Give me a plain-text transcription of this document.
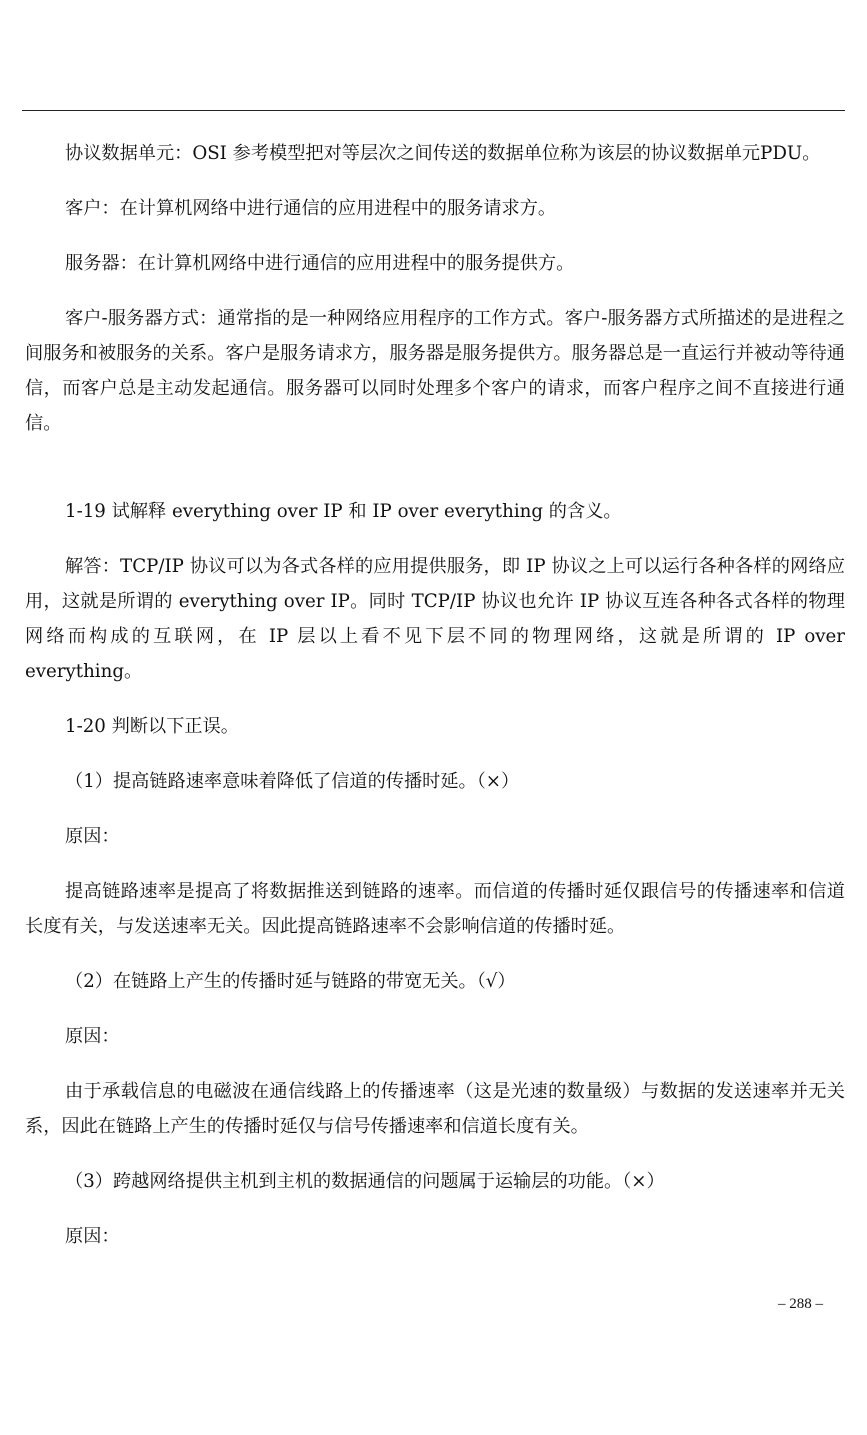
协议数据单元：OSI 参考模型把对等层次之间传送的数据单位称为该层的协议数据单元PDU。

客户：在计算机网络中进行通信的应用进程中的服务请求方。

服务器：在计算机网络中进行通信的应用进程中的服务提供方。

客户-服务器方式：通常指的是一种网络应用程序的工作方式。客户-服务器方式所描述的是进程之间服务和被服务的关系。客户是服务请求方，服务器是服务提供方。服务器总是一直运行并被动等待通信，而客户总是主动发起通信。服务器可以同时处理多个客户的请求，而客户程序之间不直接进行通信。

1-19 试解释 everything over IP 和 IP over everything 的含义。

解答：TCP/IP 协议可以为各式各样的应用提供服务，即 IP 协议之上可以运行各种各样的网络应用，这就是所谓的 everything over IP。同时 TCP/IP 协议也允许 IP 协议互连各种各式各样的物理网络而构成的互联网，在 IP 层以上看不见下层不同的物理网络，这就是所谓的 IP over everything。

1-20 判断以下正误。

（1）提高链路速率意味着降低了信道的传播时延。（×）

原因：

提高链路速率是提高了将数据推送到链路的速率。而信道的传播时延仅跟信号的传播速率和信道长度有关，与发送速率无关。因此提高链路速率不会影响信道的传播时延。

（2）在链路上产生的传播时延与链路的带宽无关。（√）

原因：

由于承载信息的电磁波在通信线路上的传播速率（这是光速的数量级）与数据的发送速率并无关系，因此在链路上产生的传播时延仅与信号传播速率和信道长度有关。

（3）跨越网络提供主机到主机的数据通信的问题属于运输层的功能。（×）

原因：

– 288 –
